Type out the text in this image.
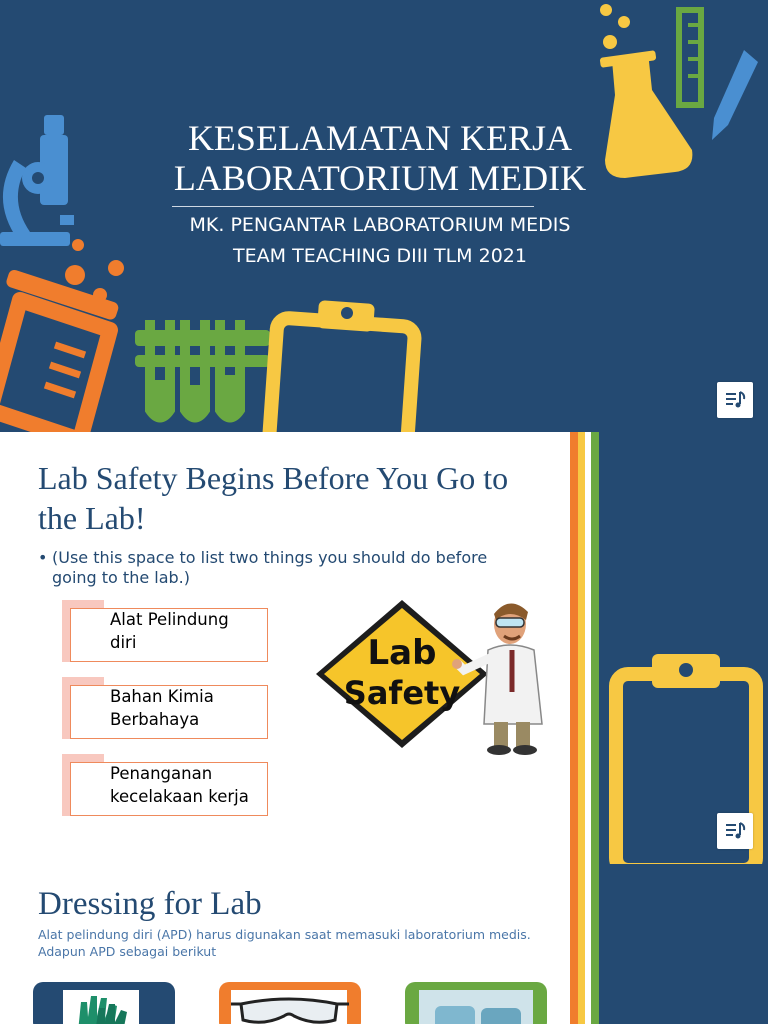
KESELAMATAN KERJA
LABORATORIUM MEDIK
MK. PENGANTAR LABORATORIUM MEDIS
TEAM TEACHING DIII TLM 2021
Lab Safety Begins Before You Go to the Lab!
• (Use this space to list two things you should do before going to the lab.)
Alat Pelindung diri
Bahan Kimia Berbahaya
Penanganan kecelakaan kerja
Lab
Safety
Dressing for Lab
Alat pelindung diri (APD) harus digunakan saat memasuki laboratorium medis. Adapun APD sebagai berikut
